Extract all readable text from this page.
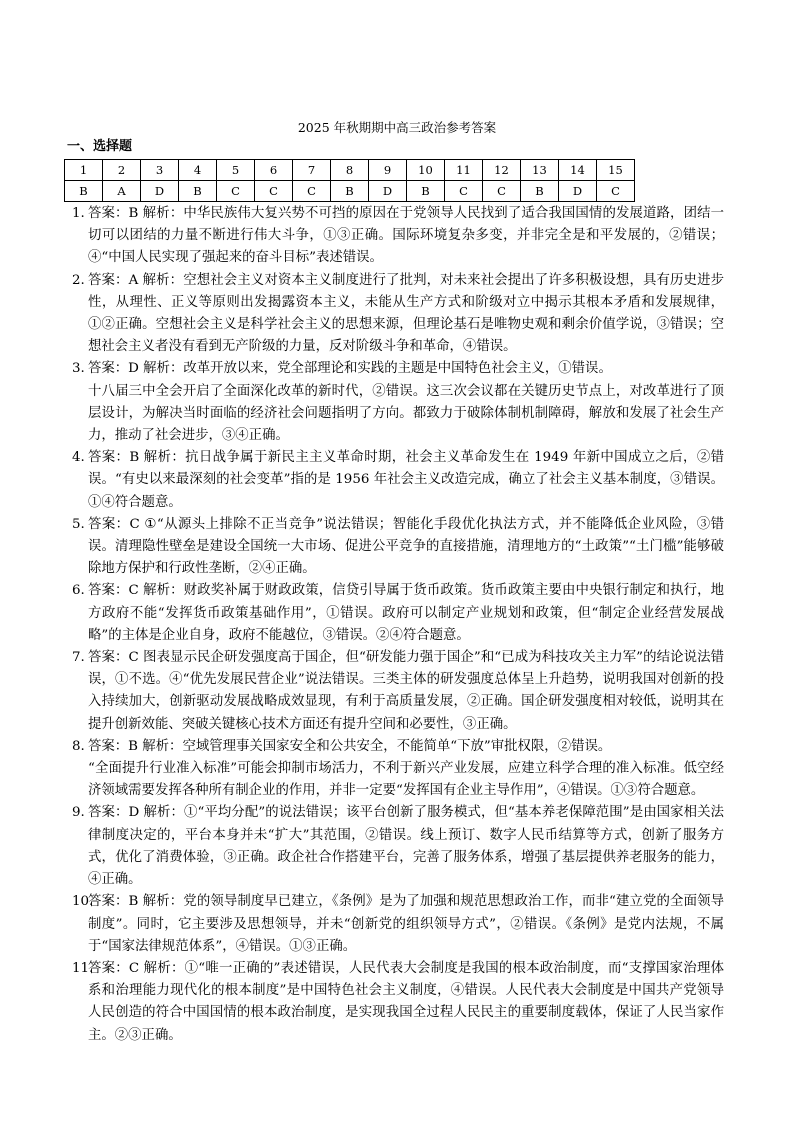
2025 年秋期期中高三政治参考答案
一、选择题
1	2	3	4	5	6	7	8	9	10	11	12	13	14	15
B	A	D	B	C	C	C	B	D	B	C	C	B	D	C
1. 答案：B 解析：中华民族伟大复兴势不可挡的原因在于党领导人民找到了适合我国国情的发展道路，团结一切可以团结的力量不断进行伟大斗争，①③正确。国际环境复杂多变，并非完全是和平发展的，②错误；④“中国人民实现了强起来的奋斗目标”表述错误。
2. 答案：A 解析：空想社会主义对资本主义制度进行了批判，对未来社会提出了许多积极设想，具有历史进步性，从理性、正义等原则出发揭露资本主义，未能从生产方式和阶级对立中揭示其根本矛盾和发展规律，①②正确。空想社会主义是科学社会主义的思想来源，但理论基石是唯物史观和剩余价值学说，③错误；空想社会主义者没有看到无产阶级的力量，反对阶级斗争和革命，④错误。
3. 答案：D 解析：改革开放以来，党全部理论和实践的主题是中国特色社会主义，①错误。
十八届三中全会开启了全面深化改革的新时代，②错误。这三次会议都在关键历史节点上，对改革进行了顶层设计，为解决当时面临的经济社会问题指明了方向。都致力于破除体制机制障碍，解放和发展了社会生产力，推动了社会进步，③④正确。
4. 答案：B 解析：抗日战争属于新民主主义革命时期，社会主义革命发生在 1949 年新中国成立之后，②错误。“有史以来最深刻的社会变革”指的是 1956 年社会主义改造完成，确立了社会主义基本制度，③错误。①④符合题意。
5. 答案：C ①“从源头上排除不正当竞争”说法错误；智能化手段优化执法方式，并不能降低企业风险，③错误。清理隐性壁垒是建设全国统一大市场、促进公平竞争的直接措施，清理地方的“土政策”“土门槛”能够破除地方保护和行政性垄断，②④正确。
6. 答案：C 解析：财政奖补属于财政政策，信贷引导属于货币政策。货币政策主要由中央银行制定和执行，地方政府不能“发挥货币政策基础作用”，①错误。政府可以制定产业规划和政策，但“制定企业经营发展战略”的主体是企业自身，政府不能越位，③错误。②④符合题意。
7. 答案：C 图表显示民企研发强度高于国企，但“研发能力强于国企”和“已成为科技攻关主力军”的结论说法错误，①不选。④“优先发展民营企业”说法错误。三类主体的研发强度总体呈上升趋势，说明我国对创新的投入持续加大，创新驱动发展战略成效显现，有利于高质量发展，②正确。国企研发强度相对较低，说明其在提升创新效能、突破关键核心技术方面还有提升空间和必要性，③正确。
8. 答案：B 解析：空域管理事关国家安全和公共安全，不能简单“下放”审批权限，②错误。
“全面提升行业准入标准”可能会抑制市场活力，不利于新兴产业发展，应建立科学合理的准入标准。低空经济领域需要发挥各种所有制企业的作用，并非一定要“发挥国有企业主导作用”，④错误。①③符合题意。
9. 答案：D 解析：①“平均分配”的说法错误；该平台创新了服务模式，但“基本养老保障范围”是由国家相关法律制度决定的，平台本身并未“扩大”其范围，②错误。线上预订、数字人民币结算等方式，创新了服务方式，优化了消费体验，③正确。政企社合作搭建平台，完善了服务体系，增强了基层提供养老服务的能力，④正确。
10.
答案：B 解析：党的领导制度早已建立，《条例》是为了加强和规范思想政治工作，而非“建立党的全面领导制度”。同时，它主要涉及思想领导，并未“创新党的组织领导方式”，②错误。《条例》是党内法规，不属于“国家法律规范体系”，④错误。①③正确。
11.
答案：C 解析：①“唯一正确的”表述错误，人民代表大会制度是我国的根本政治制度，而“支撑国家治理体系和治理能力现代化的根本制度”是中国特色社会主义制度，④错误。人民代表大会制度是中国共产党领导人民创造的符合中国国情的根本政治制度，是实现我国全过程人民民主的重要制度载体，保证了人民当家作主。②③正确。
